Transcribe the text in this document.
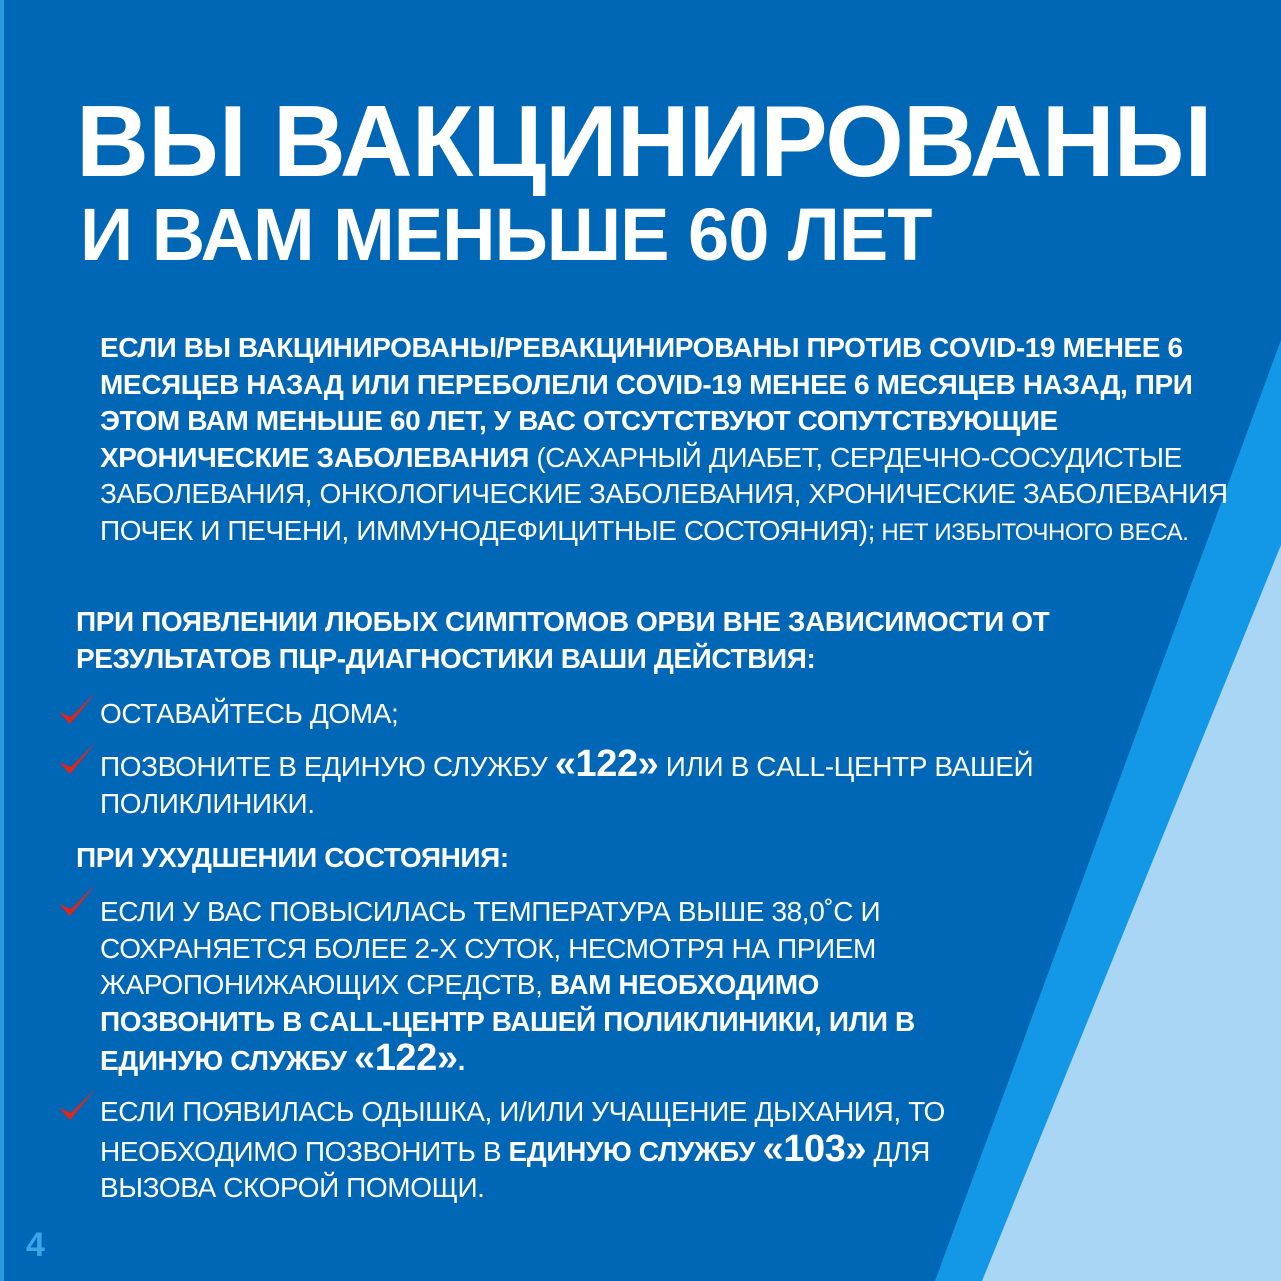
ВЫ ВАКЦИНИРОВАНЫ
И ВАМ МЕНЬШЕ 60 ЛЕТ

ЕСЛИ ВЫ ВАКЦИНИРОВАНЫ/РЕВАКЦИНИРОВАНЫ ПРОТИВ COVID-19 МЕНЕЕ 6 МЕСЯЦЕВ НАЗАД ИЛИ ПЕРЕБОЛЕЛИ COVID-19 МЕНЕЕ 6 МЕСЯЦЕВ НАЗАД, ПРИ ЭТОМ ВАМ МЕНЬШЕ 60 ЛЕТ, У ВАС ОТСУТСТВУЮТ СОПУТСТВУЮЩИЕ ХРОНИЧЕСКИЕ ЗАБОЛЕВАНИЯ (САХАРНЫЙ ДИАБЕТ, СЕРДЕЧНО-СОСУДИСТЫЕ ЗАБОЛЕВАНИЯ, ОНКОЛОГИЧЕСКИЕ ЗАБОЛЕВАНИЯ, ХРОНИЧЕСКИЕ ЗАБОЛЕВАНИЯ ПОЧЕК И ПЕЧЕНИ, ИММУНОДЕФИЦИТНЫЕ СОСТОЯНИЯ); НЕТ ИЗБЫТОЧНОГО ВЕСА.

ПРИ ПОЯВЛЕНИИ ЛЮБЫХ СИМПТОМОВ ОРВИ ВНЕ ЗАВИСИМОСТИ ОТ РЕЗУЛЬТАТОВ ПЦР-ДИАГНОСТИКИ ВАШИ ДЕЙСТВИЯ:

ОСТАВАЙТЕСЬ ДОМА;

ПОЗВОНИТЕ В ЕДИНУЮ СЛУЖБУ «122» ИЛИ В CALL-ЦЕНТР ВАШЕЙ ПОЛИКЛИНИКИ.

ПРИ УХУДШЕНИИ СОСТОЯНИЯ:

ЕСЛИ У ВАС ПОВЫСИЛАСЬ ТЕМПЕРАТУРА ВЫШЕ 38,0˚С И СОХРАНЯЕТСЯ БОЛЕЕ 2-Х СУТОК, НЕСМОТРЯ НА ПРИЕМ ЖАРОПОНИЖАЮЩИХ СРЕДСТВ, ВАМ НЕОБХОДИМО ПОЗВОНИТЬ В CALL-ЦЕНТР ВАШЕЙ ПОЛИКЛИНИКИ, ИЛИ В ЕДИНУЮ СЛУЖБУ «122».

ЕСЛИ ПОЯВИЛАСЬ ОДЫШКА, И/ИЛИ УЧАЩЕНИЕ ДЫХАНИЯ, ТО НЕОБХОДИМО ПОЗВОНИТЬ В ЕДИНУЮ СЛУЖБУ «103» ДЛЯ ВЫЗОВА СКОРОЙ ПОМОЩИ.

4
